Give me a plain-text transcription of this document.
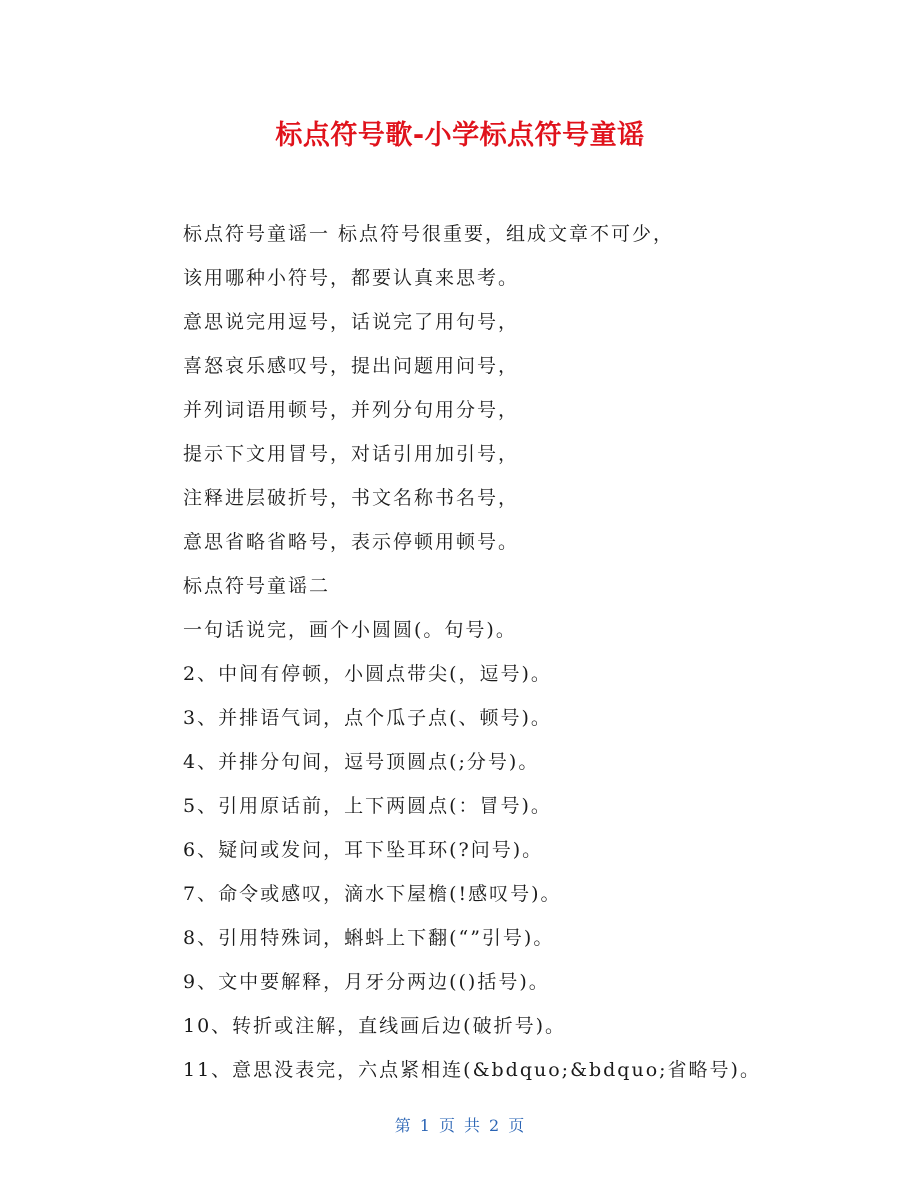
标点符号歌-小学标点符号童谣
标点符号童谣一 标点符号很重要，组成文章不可少，
该用哪种小符号，都要认真来思考。
意思说完用逗号，话说完了用句号，
喜怒哀乐感叹号，提出问题用问号，
并列词语用顿号，并列分句用分号，
提示下文用冒号，对话引用加引号，
注释进层破折号，书文名称书名号，
意思省略省略号，表示停顿用顿号。
标点符号童谣二
一句话说完，画个小圆圆(。句号)。
2、中间有停顿，小圆点带尖(，逗号)。
3、并排语气词，点个瓜子点(、顿号)。
4、并排分句间，逗号顶圆点(;分号)。
5、引用原话前，上下两圆点(：冒号)。
6、疑问或发问，耳下坠耳环(?问号)。
7、命令或感叹，滴水下屋檐(!感叹号)。
8、引用特殊词，蝌蚪上下翻(“”引号)。
9、文中要解释，月牙分两边(()括号)。
10、转折或注解，直线画后边(破折号)。
11、意思没表完，六点紧相连(&bdquo;&bdquo;省略号)。
第 1 页 共 2 页
